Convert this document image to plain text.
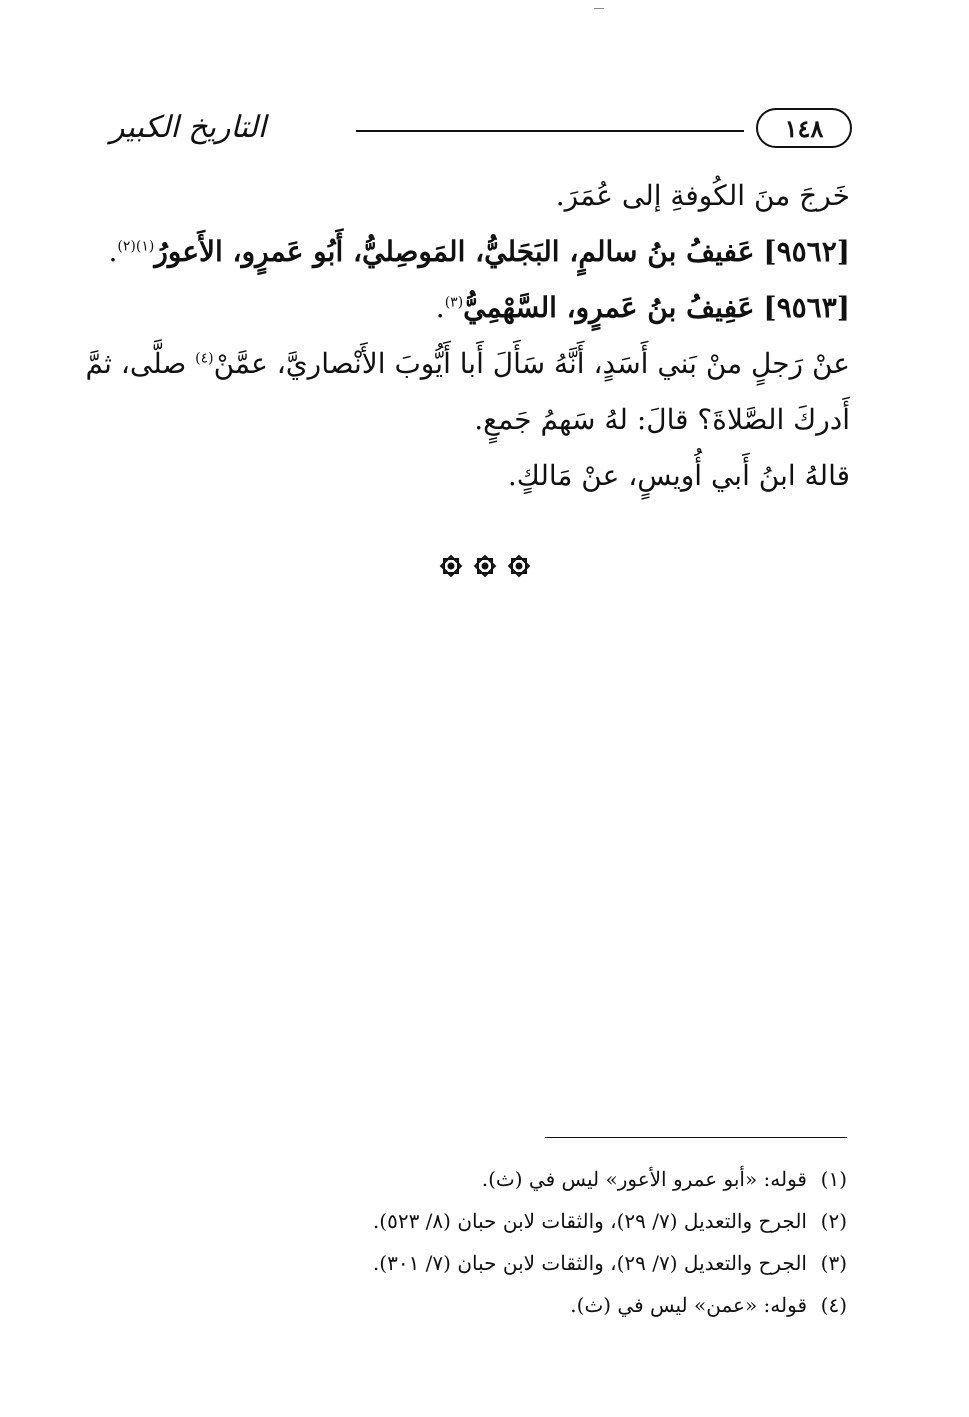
التاريخ الكبير	١٤٨
خَرجَ منَ الكُوفةِ إلى عُمَرَ.
[٩٥٦٢] عَفيفُ بنُ سالمٍ، البَجَليُّ، المَوصِليُّ، أَبُو عَمرٍو، الأَعورُ$^{(١)(٢)}$.
[٩٥٦٣] عَفِيفُ بنُ عَمرٍو، السَّهْمِيُّ$^{(٣)}$.
عنْ رَجلٍ منْ بَني أَسَدٍ، أَنَّهُ سَأَلَ أَبا أَيُّوبَ الأَنْصاريَّ، عمَّنْ$^{(٤)}$ صلَّى، ثمَّ
أَدركَ الصَّلاةَ؟ قالَ: لهُ سَهمُ جَمعٍ.
قالهُ ابنُ أَبي أُويسٍ، عنْ مَالكٍ.
(١)قوله: «أبو عمرو الأعور» ليس في (ث).
(٢)الجرح والتعديل (٧/ ٢٩)، والثقات لابن حبان (٨/ ٥٢٣).
(٣)الجرح والتعديل (٧/ ٢٩)، والثقات لابن حبان (٧/ ٣٠١).
(٤)قوله: «عمن» ليس في (ث).
